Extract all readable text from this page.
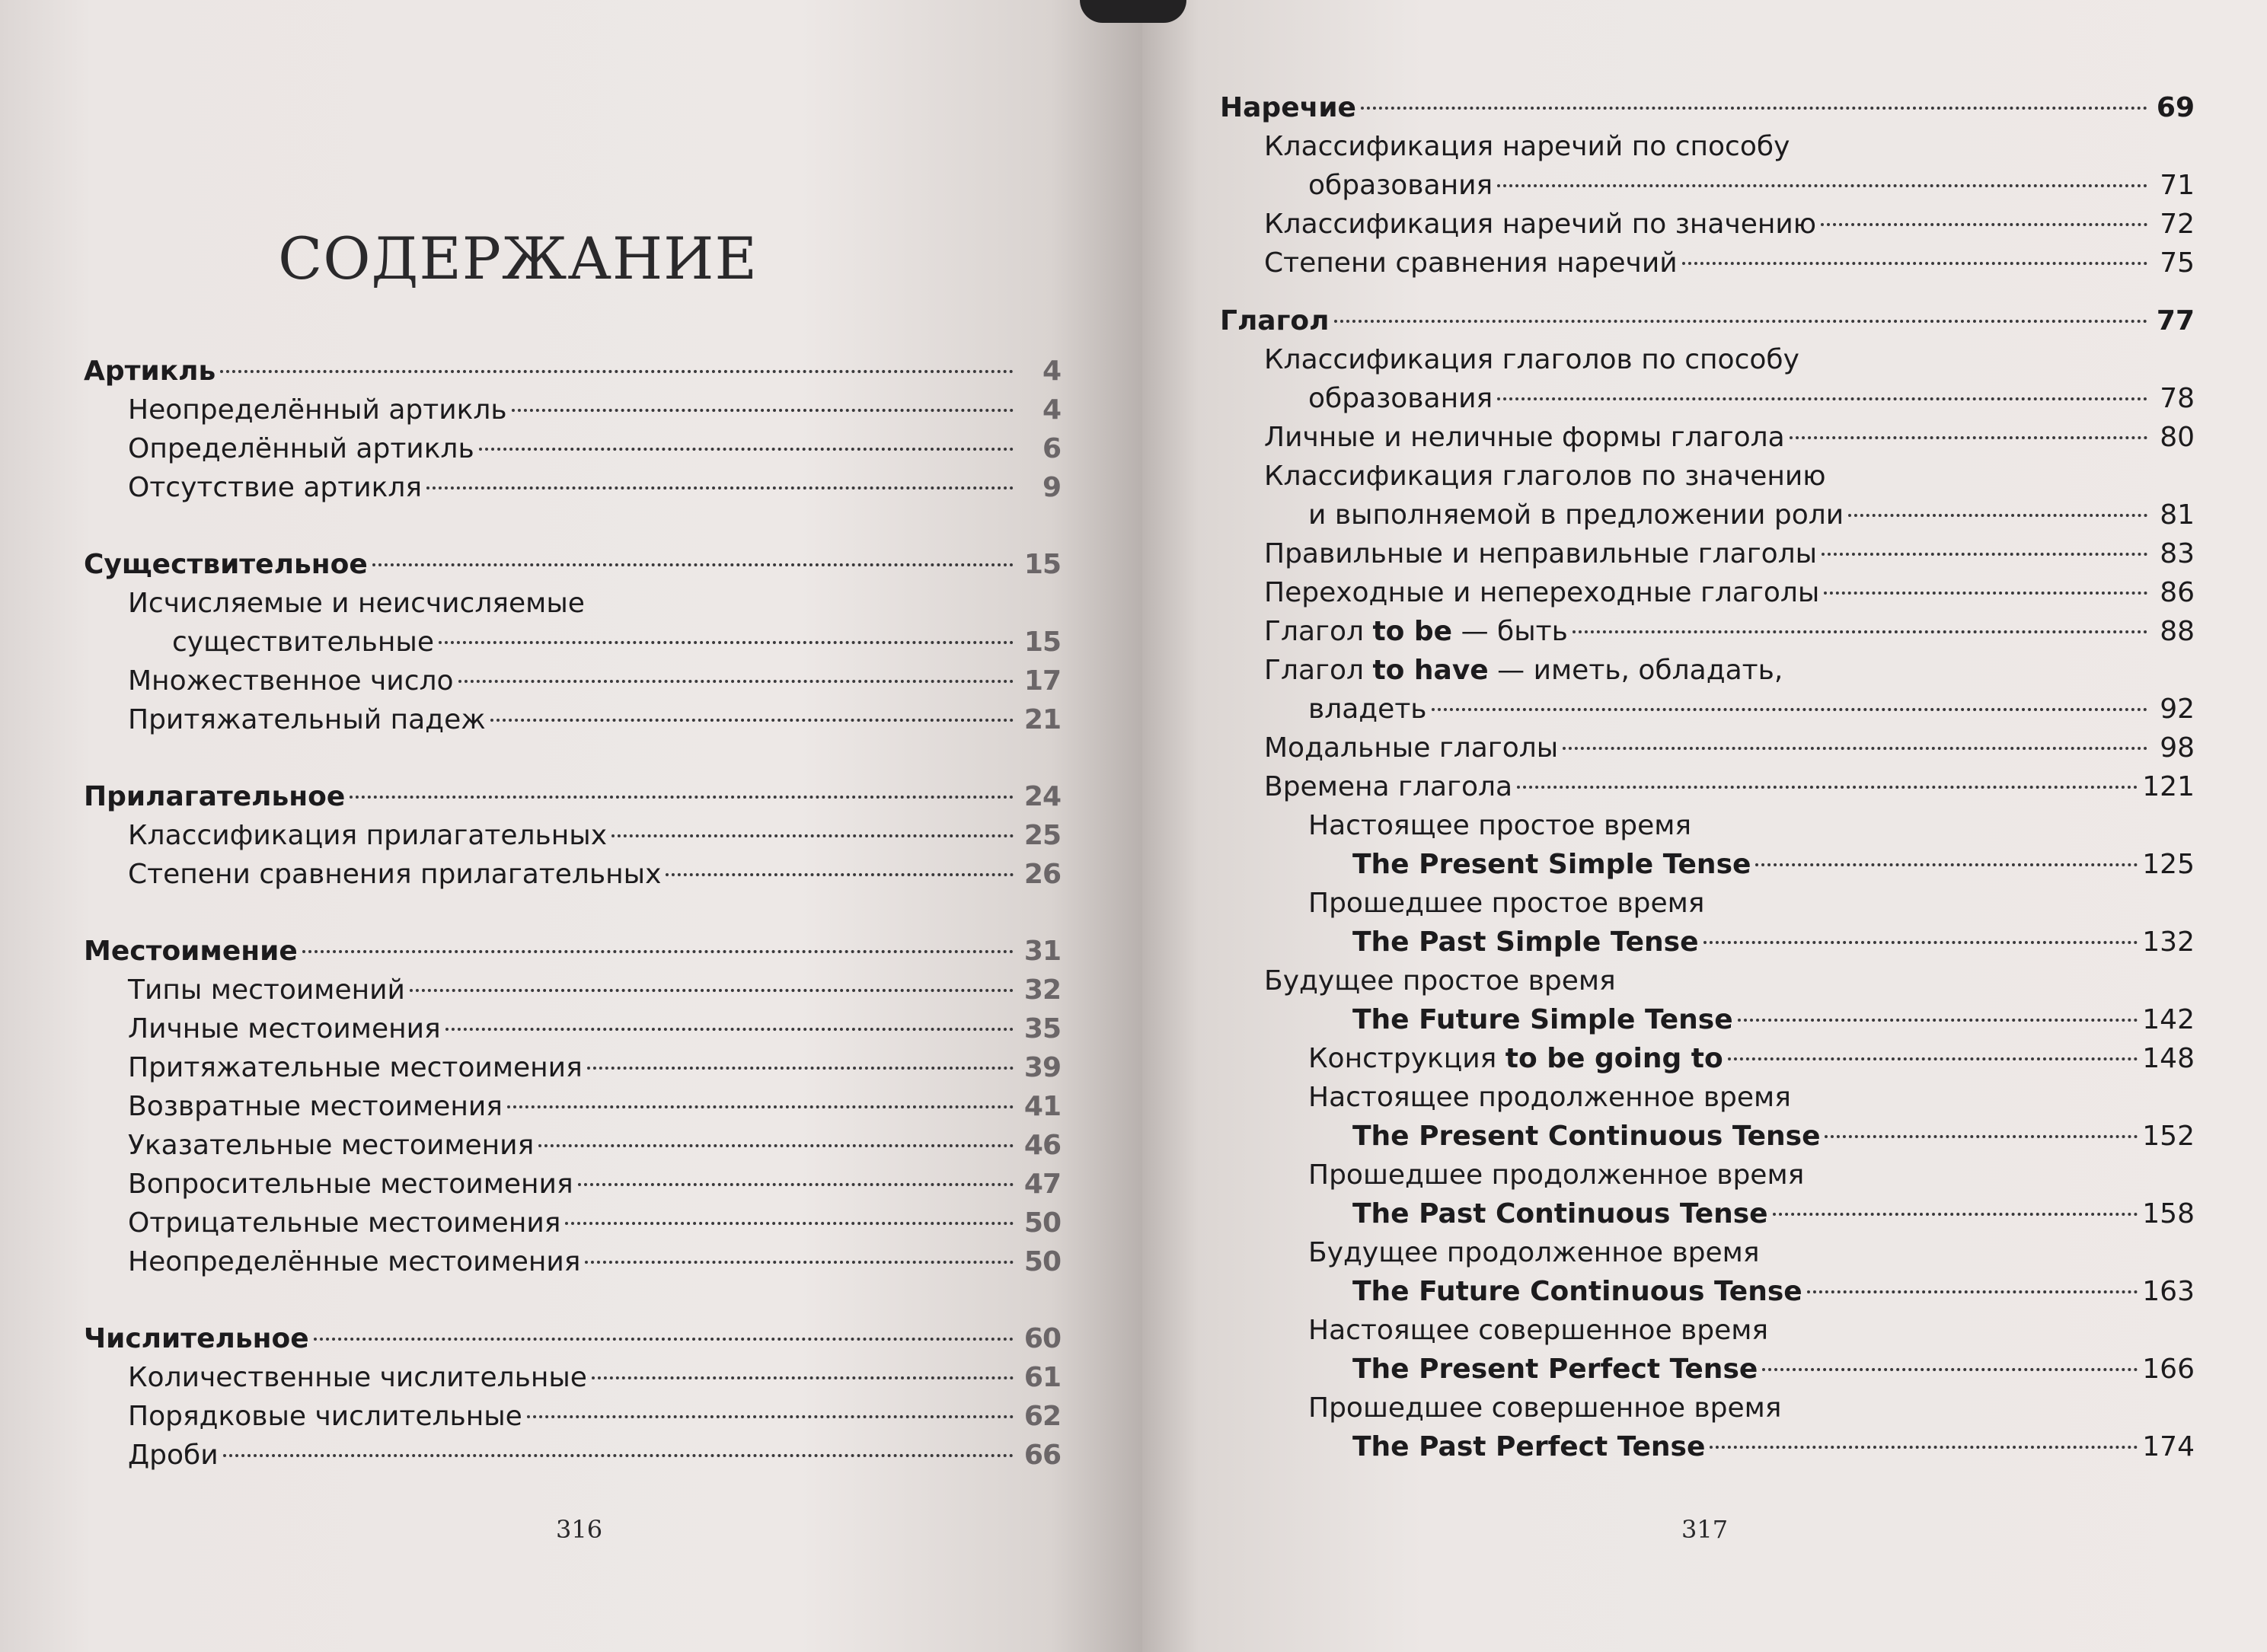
СОДЕРЖАНИЕ
Артикль	4
Неопределённый артикль	4
Определённый артикль	6
Отсутствие артикля	9
Существительное	15
Исчисляемые и неисчисляемые
существительные	15
Множественное число	17
Притяжательный падеж	21
Прилагательное	24
Классификация прилагательных	25
Степени сравнения прилагательных	26
Местоимение	31
Типы местоимений	32
Личные местоимения	35
Притяжательные местоимения	39
Возвратные местоимения	41
Указательные местоимения	46
Вопросительные местоимения	47
Отрицательные местоимения	50
Неопределённые местоимения	50
Числительное	60
Количественные числительные	61
Порядковые числительные	62
Дроби	66
316	317
Наречие	69
Классификация наречий по способу
образования	71
Классификация наречий по значению	72
Степени сравнения наречий	75
Глагол	77
Классификация глаголов по способу
образования	78
Личные и неличные формы глагола	80
Классификация глаголов по значению
и выполняемой в предложении роли	81
Правильные и неправильные глаголы	83
Переходные и непереходные глаголы	86
Глагол to be — быть	88
Глагол to have — иметь, обладать,
владеть	92
Модальные глаголы	98
Времена глагола	121
Настоящее простое время
The Present Simple Tense	125
Прошедшее простое время
The Past Simple Tense	132
Будущее простое время
The Future Simple Tense	142
Конструкция to be going to	148
Настоящее продолженное время
The Present Continuous Tense	152
Прошедшее продолженное время
The Past Continuous Tense	158
Будущее продолженное время
The Future Continuous Tense	163
Настоящее совершенное время
The Present Perfect Tense	166
Прошедшее совершенное время
The Past Perfect Tense	174
